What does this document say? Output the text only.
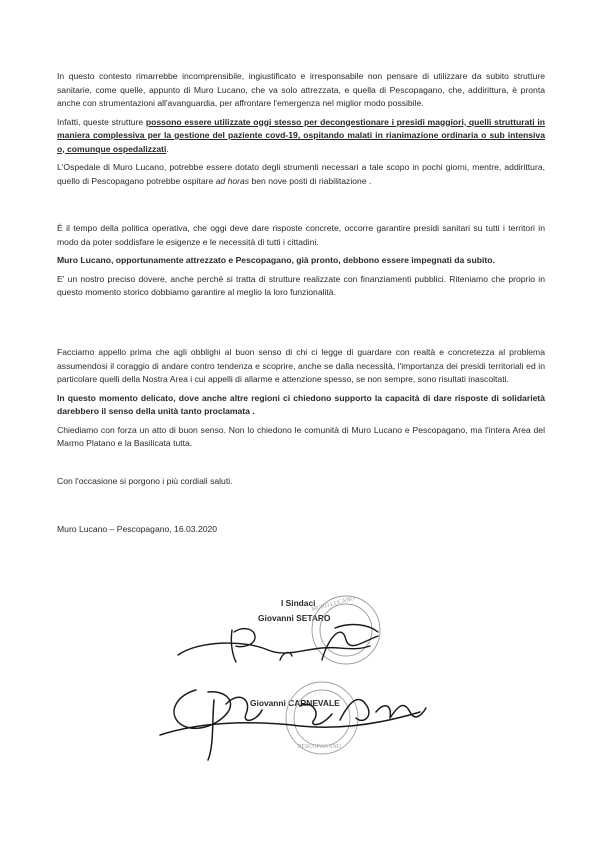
In questo contesto rimarrebbe incomprensibile, ingiustificato e irresponsabile non pensare di utilizzare da subito strutture sanitarie, come quelle, appunto di Muro Lucano, che va solo attrezzata, e quella di Pescopagano, che, addirittura, è pronta anche con strumentazioni all'avanguardia, per affrontare l'emergenza nel miglior modo possibile.

Infatti, queste strutture possono essere utilizzate oggi stesso per decongestionare i presidi maggiori, quelli strutturati in maniera complessiva per la gestione del paziente covd-19, ospitando malati in rianimazione ordinaria o sub intensiva o, comunque ospedalizzati.

L'Ospedale di Muro Lucano, potrebbe essere dotato degli strumenti necessari a tale scopo in pochi giorni, mentre, addirittura, quello di Pescopagano potrebbe ospitare ad horas ben nove posti di riabilitazione .

È il tempo della politica operativa, che oggi deve dare risposte concrete, occorre garantire presidi sanitari su tutti i territori in modo da poter soddisfare le esigenze e le necessità di tutti i cittadini.

Muro Lucano, opportunamente attrezzato e Pescopagano, già pronto, debbono essere impegnati da subito.

E' un nostro preciso dovere, anche perché si tratta di strutture realizzate con finanziamenti pubblici. Riteniamo che proprio in questo momento storico dobbiamo garantire al meglio la loro funzionalità.

Facciamo appello prima che agli obblighi al buon senso di chi ci legge di guardare con realtà e concretezza al problema assumendosi il coraggio di andare contro tendenza e scoprire, anche se dalla necessità, l'importanza dei presidi territoriali ed in particolare quelli della Nostra Area i cui appelli di allarme e attenzione spesso, se non sempre, sono risultati inascoltati.

In questo momento delicato, dove anche altre regioni ci chiedono supporto la capacità di dare risposte di solidarietà darebbero il senso della unità tanto proclamata .

Chiediamo con forza un atto di buon senso. Non lo chiedono le comunità di Muro Lucano e Pescopagano, ma l'intera Area del Marmo Platano e la Basilicata tutta.

Con l'occasione si porgono i più cordiali saluti.
Muro Lucano – Pescopagano, 16.03.2020
I Sindaci
Giovanni SETARO
Giovanni CARNEVALE
MURO LUCANO
PESCOPAGANO
